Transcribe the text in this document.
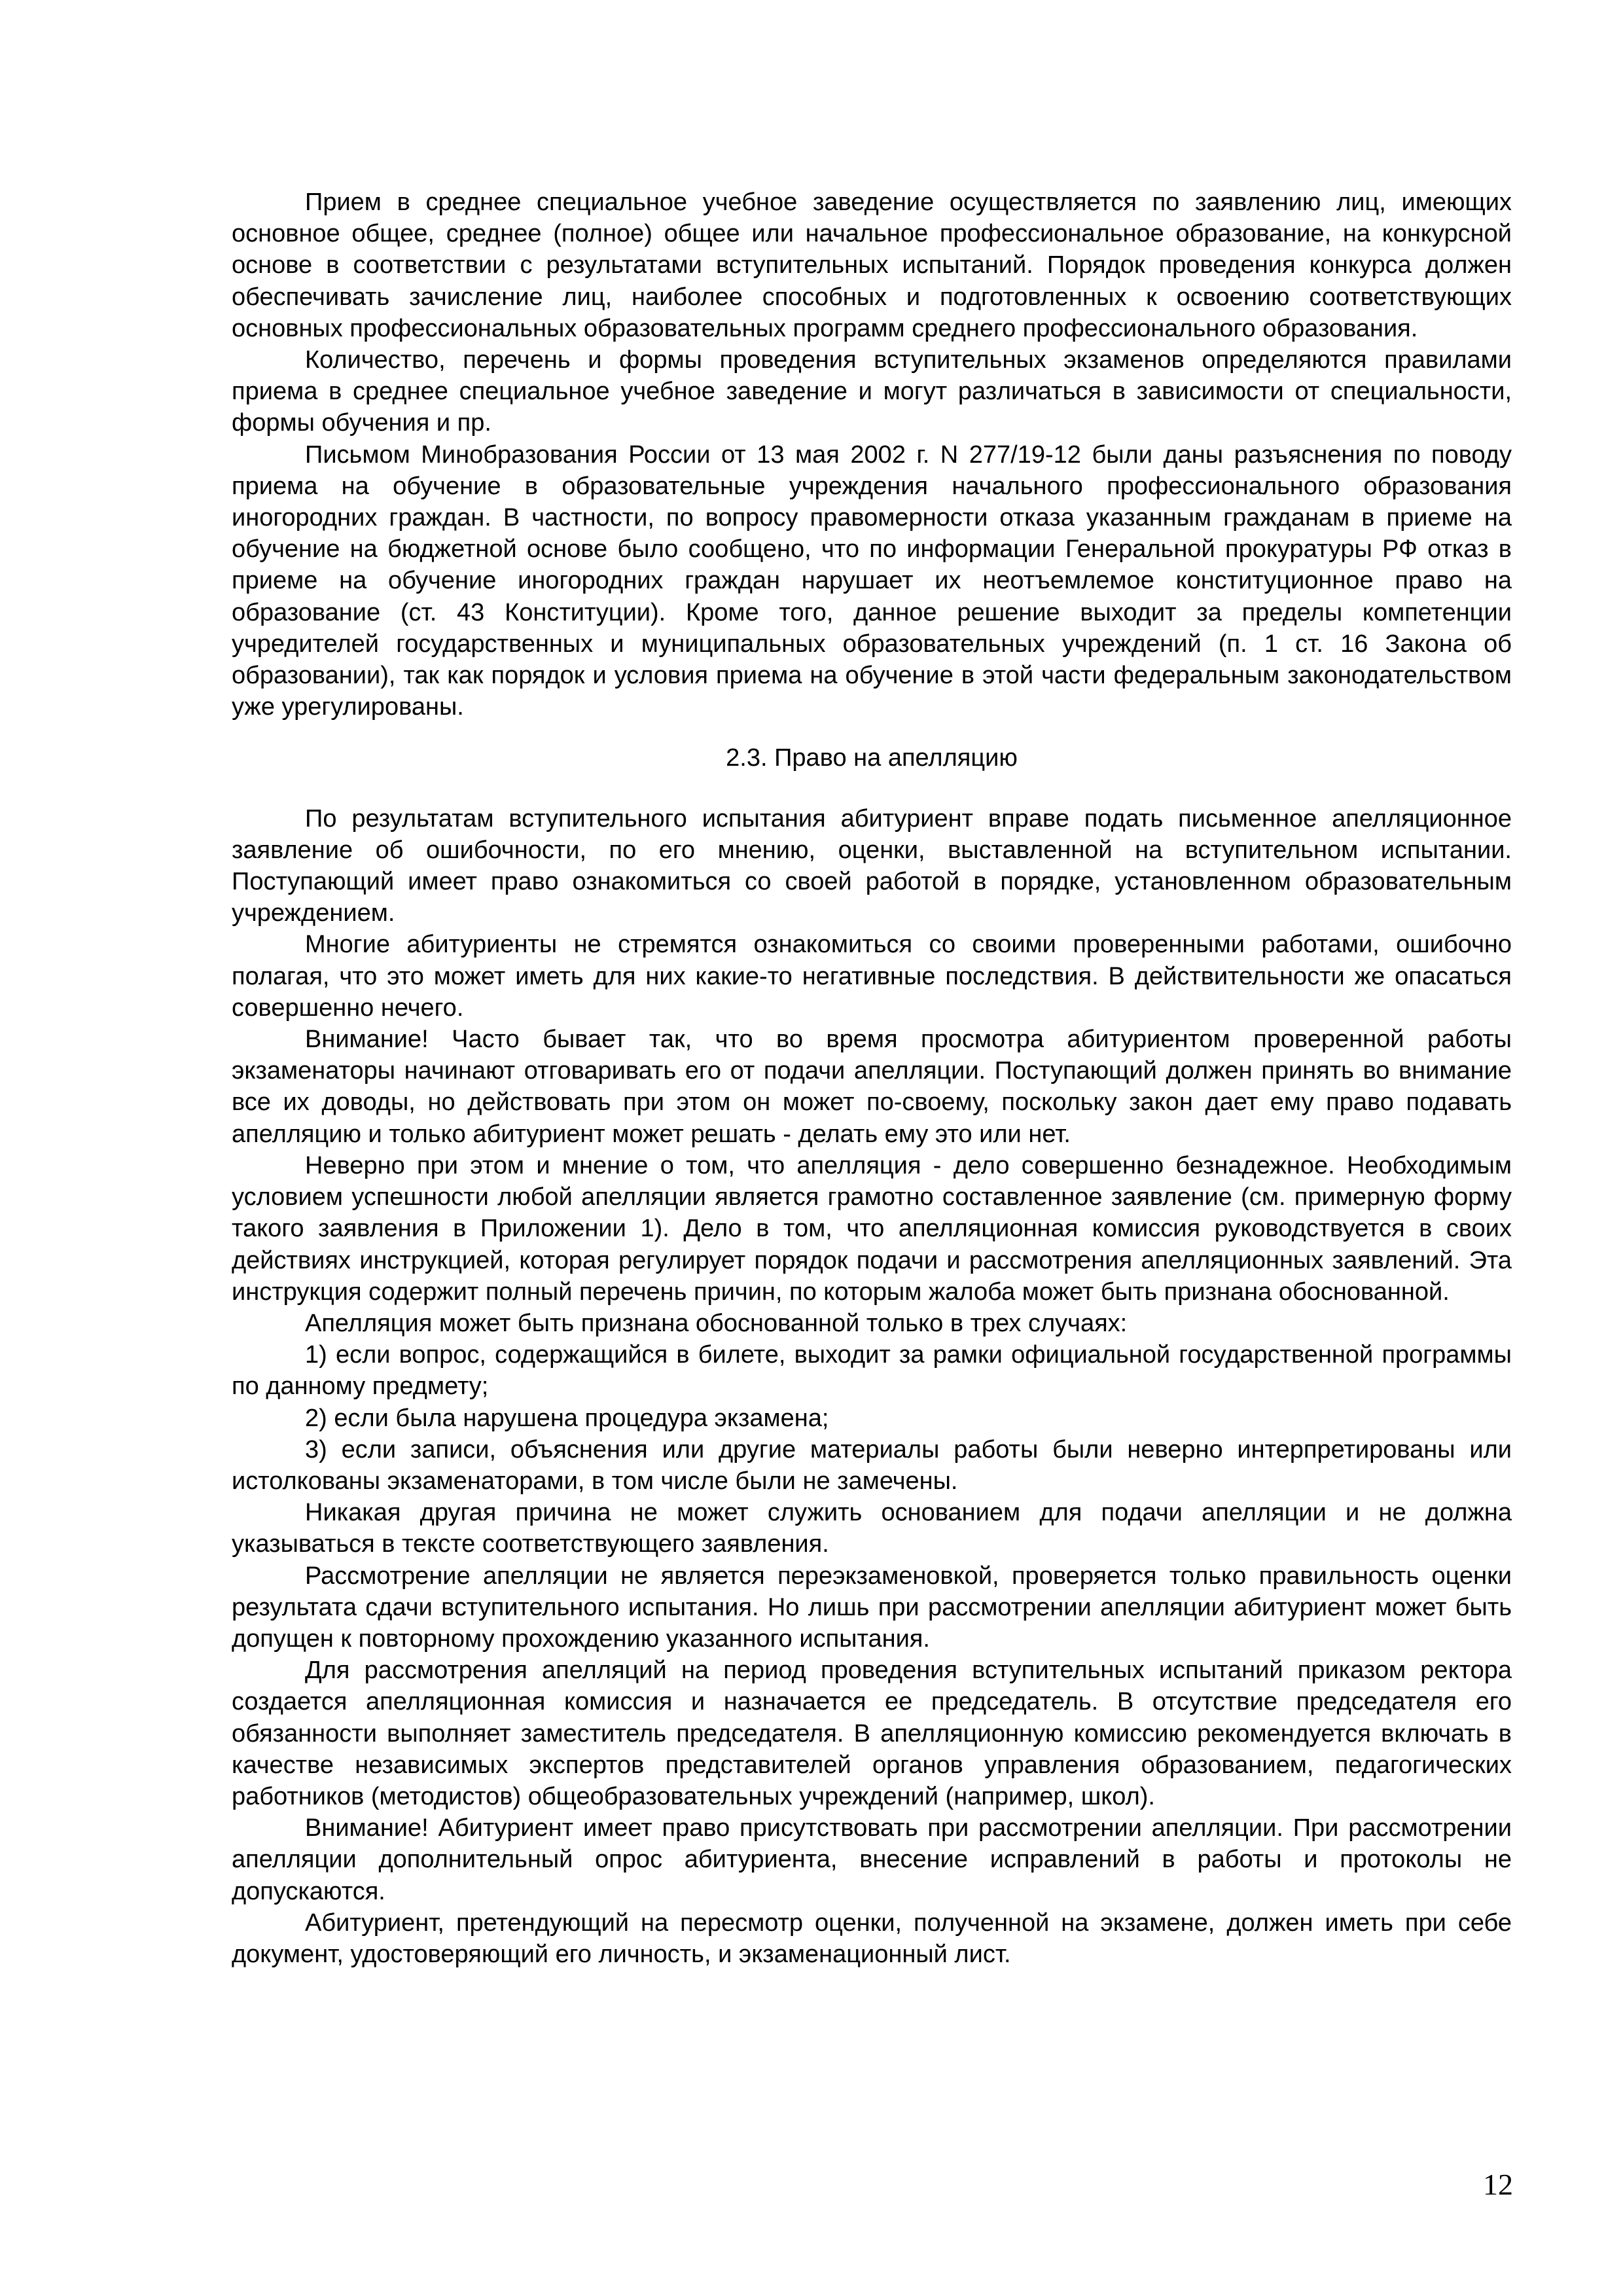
Прием в среднее специальное учебное заведение осуществляется по заявлению лиц, имеющих основное общее, среднее (полное) общее или начальное профессиональное образование, на конкурсной основе в соответствии с результатами вступительных испытаний. Порядок проведения конкурса должен обеспечивать зачисление лиц, наиболее способных и подготовленных к освоению соответствующих основных профессиональных образовательных программ среднего профессионального образования.

Количество, перечень и формы проведения вступительных экзаменов определяются правилами приема в среднее специальное учебное заведение и могут различаться в зависимости от специальности, формы обучения и пр.

Письмом Минобразования России от 13 мая 2002 г. N 277/19-12 были даны разъяснения по поводу приема на обучение в образовательные учреждения начального профессионального образования иногородних граждан. В частности, по вопросу правомерности отказа указанным гражданам в приеме на обучение на бюджетной основе было сообщено, что по информации Генеральной прокуратуры РФ отказ в приеме на обучение иногородних граждан нарушает их неотъемлемое конституционное право на образование (ст. 43 Конституции). Кроме того, данное решение выходит за пределы компетенции учредителей государственных и муниципальных образовательных учреждений (п. 1 ст. 16 Закона об образовании), так как порядок и условия приема на обучение в этой части федеральным законодательством уже урегулированы.

2.3. Право на апелляцию

По результатам вступительного испытания абитуриент вправе подать письменное апелляционное заявление об ошибочности, по его мнению, оценки, выставленной на вступительном испытании. Поступающий имеет право ознакомиться со своей работой в порядке, установленном образовательным учреждением.

Многие абитуриенты не стремятся ознакомиться со своими проверенными работами, ошибочно полагая, что это может иметь для них какие-то негативные последствия. В действительности же опасаться совершенно нечего.

Внимание! Часто бывает так, что во время просмотра абитуриентом проверенной работы экзаменаторы начинают отговаривать его от подачи апелляции. Поступающий должен принять во внимание все их доводы, но действовать при этом он может по-своему, поскольку закон дает ему право подавать апелляцию и только абитуриент может решать - делать ему это или нет.

Неверно при этом и мнение о том, что апелляция - дело совершенно безнадежное. Необходимым условием успешности любой апелляции является грамотно составленное заявление (см. примерную форму такого заявления в Приложении 1). Дело в том, что апелляционная комиссия руководствуется в своих действиях инструкцией, которая регулирует порядок подачи и рассмотрения апелляционных заявлений. Эта инструкция содержит полный перечень причин, по которым жалоба может быть признана обоснованной.

Апелляция может быть признана обоснованной только в трех случаях:

1) если вопрос, содержащийся в билете, выходит за рамки официальной государственной программы по данному предмету;

2) если была нарушена процедура экзамена;

3) если записи, объяснения или другие материалы работы были неверно интерпретированы или истолкованы экзаменаторами, в том числе были не замечены.

Никакая другая причина не может служить основанием для подачи апелляции и не должна указываться в тексте соответствующего заявления.

Рассмотрение апелляции не является переэкзаменовкой, проверяется только правильность оценки результата сдачи вступительного испытания. Но лишь при рассмотрении апелляции абитуриент может быть допущен к повторному прохождению указанного испытания.

Для рассмотрения апелляций на период проведения вступительных испытаний приказом ректора создается апелляционная комиссия и назначается ее председатель. В отсутствие председателя его обязанности выполняет заместитель председателя. В апелляционную комиссию рекомендуется включать в качестве независимых экспертов представителей органов управления образованием, педагогических работников (методистов) общеобразовательных учреждений (например, школ).

Внимание! Абитуриент имеет право присутствовать при рассмотрении апелляции. При рассмотрении апелляции дополнительный опрос абитуриента, внесение исправлений в работы и протоколы не допускаются.

Абитуриент, претендующий на пересмотр оценки, полученной на экзамене, должен иметь при себе документ, удостоверяющий его личность, и экзаменационный лист.

12
